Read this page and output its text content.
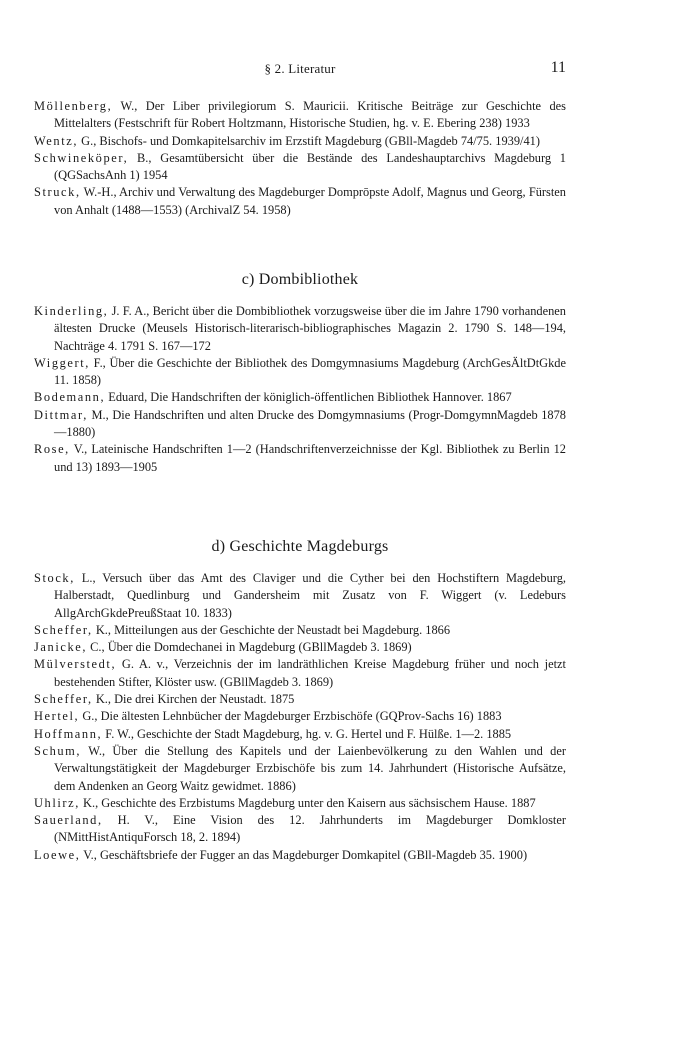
§ 2. Literatur	11

Möllenberg, W., Der Liber privilegiorum S. Mauricii. Kritische Beiträge zur Geschichte des Mittelalters (Festschrift für Robert Holtzmann, Historische Studien, hg. v. E. Ebering 238) 1933

Wentz, G., Bischofs- und Domkapitelsarchiv im Erzstift Magdeburg (GBll-Magdeb 74/75. 1939/41)

Schwineköper, B., Gesamtübersicht über die Bestände des Landeshauptarchivs Magdeburg 1 (QGSachsAnh 1) 1954

Struck, W.-H., Archiv und Verwaltung des Magdeburger Domprōpste Adolf, Magnus und Georg, Fürsten von Anhalt (1488—1553) (ArchivalZ 54. 1958)

c) Dombibliothek

Kinderling, J. F. A., Bericht über die Dombibliothek vorzugsweise über die im Jahre 1790 vorhandenen ältesten Drucke (Meusels Historisch-literarisch-bibliographisches Magazin 2. 1790 S. 148—194, Nachträge 4. 1791 S. 167—172

Wiggert, F., Über die Geschichte der Bibliothek des Domgymnasiums Magdeburg (ArchGesÄltDtGkde 11. 1858)

Bodemann, Eduard, Die Handschriften der königlich-öffentlichen Bibliothek Hannover. 1867

Dittmar, M., Die Handschriften und alten Drucke des Domgymnasiums (Progr-DomgymnMagdeb 1878—1880)

Rose, V., Lateinische Handschriften 1—2 (Handschriftenverzeichnisse der Kgl. Bibliothek zu Berlin 12 und 13) 1893—1905

d) Geschichte Magdeburgs

Stock, L., Versuch über das Amt des Claviger und die Cyther bei den Hochstiftern Magdeburg, Halberstadt, Quedlinburg und Gandersheim mit Zusatz von F. Wiggert (v. Ledeburs AllgArchGkdePreußStaat 10. 1833)

Scheffer, K., Mitteilungen aus der Geschichte der Neustadt bei Magdeburg. 1866

Janicke, C., Über die Domdechanei in Magdeburg (GBllMagdeb 3. 1869)

Mülverstedt, G. A. v., Verzeichnis der im landräthlichen Kreise Magdeburg früher und noch jetzt bestehenden Stifter, Klöster usw. (GBllMagdeb 3. 1869)

Scheffer, K., Die drei Kirchen der Neustadt. 1875

Hertel, G., Die ältesten Lehnbücher der Magdeburger Erzbischöfe (GQProv-Sachs 16) 1883

Hoffmann, F. W., Geschichte der Stadt Magdeburg, hg. v. G. Hertel und F. Hülße. 1—2. 1885

Schum, W., Über die Stellung des Kapitels und der Laienbevölkerung zu den Wahlen und der Verwaltungstätigkeit der Magdeburger Erzbischöfe bis zum 14. Jahrhundert (Historische Aufsätze, dem Andenken an Georg Waitz gewidmet. 1886)

Uhlirz, K., Geschichte des Erzbistums Magdeburg unter den Kaisern aus sächsischem Hause. 1887

Sauerland, H. V., Eine Vision des 12. Jahrhunderts im Magdeburger Domkloster (NMittHistAntiquForsch 18, 2. 1894)

Loewe, V., Geschäftsbriefe der Fugger an das Magdeburger Domkapitel (GBll-Magdeb 35. 1900)
